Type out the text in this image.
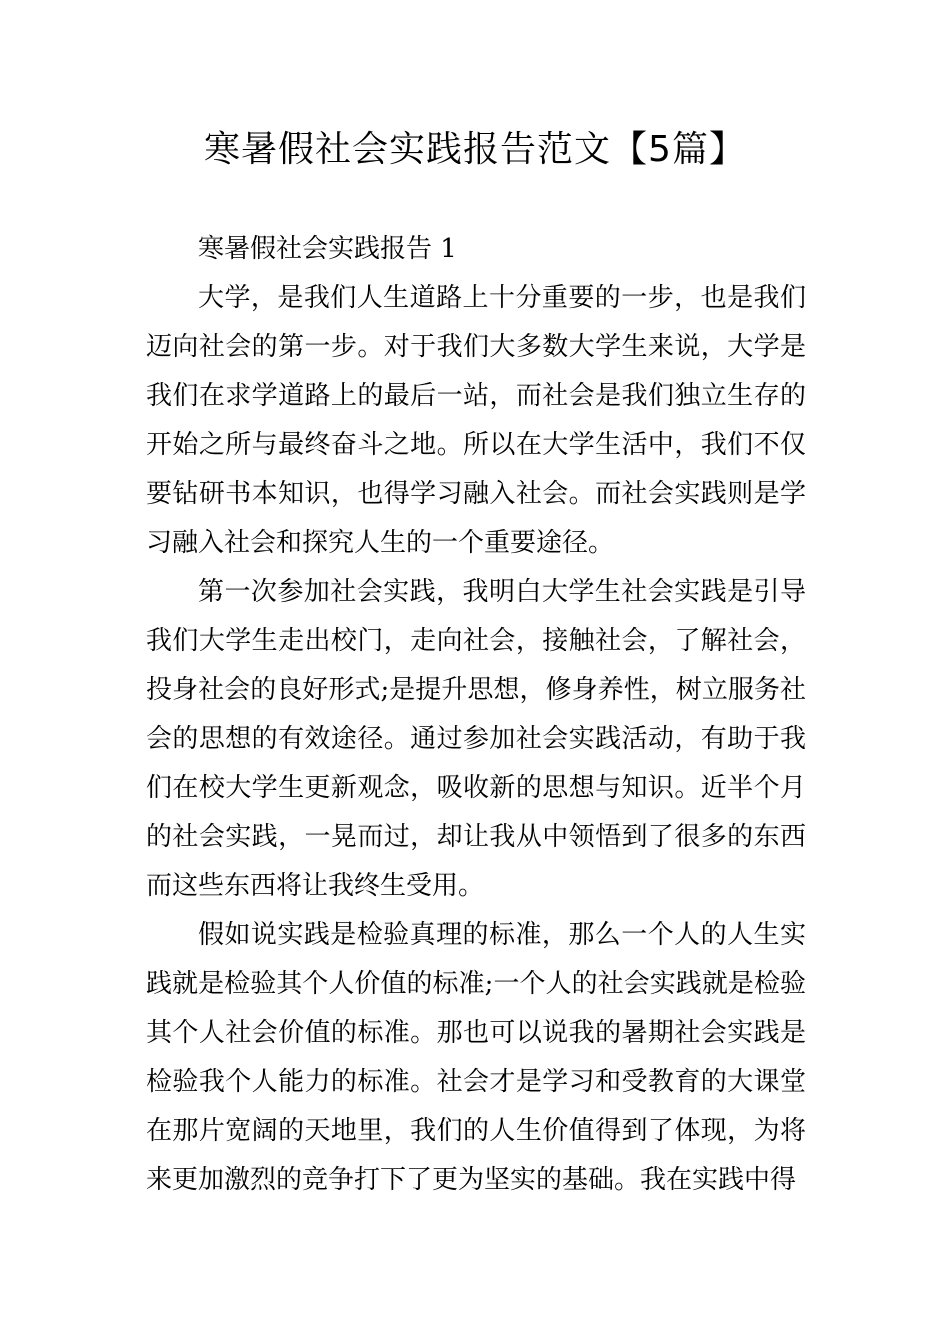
寒暑假社会实践报告范文【5篇】

寒暑假社会实践报告 1

大学，是我们人生道路上十分重要的一步，也是我们迈向社会的第一步。对于我们大多数大学生来说，大学是我们在求学道路上的最后一站，而社会是我们独立生存的开始之所与最终奋斗之地。所以在大学生活中，我们不仅要钻研书本知识，也得学习融入社会。而社会实践则是学习融入社会和探究人生的一个重要途径。

第一次参加社会实践，我明白大学生社会实践是引导我们大学生走出校门，走向社会，接触社会，了解社会，投身社会的良好形式;是提升思想，修身养性，树立服务社会的思想的有效途径。通过参加社会实践活动，有助于我们在校大学生更新观念，吸收新的思想与知识。近半个月的社会实践，一晃而过，却让我从中领悟到了很多的东西而这些东西将让我终生受用。

假如说实践是检验真理的标准，那么一个人的人生实践就是检验其个人价值的标准;一个人的社会实践就是检验其个人社会价值的标准。那也可以说我的暑期社会实践是检验我个人能力的标准。社会才是学习和受教育的大课堂在那片宽阔的天地里，我们的人生价值得到了体现，为将来更加激烈的竞争打下了更为坚实的基础。我在实践中得
